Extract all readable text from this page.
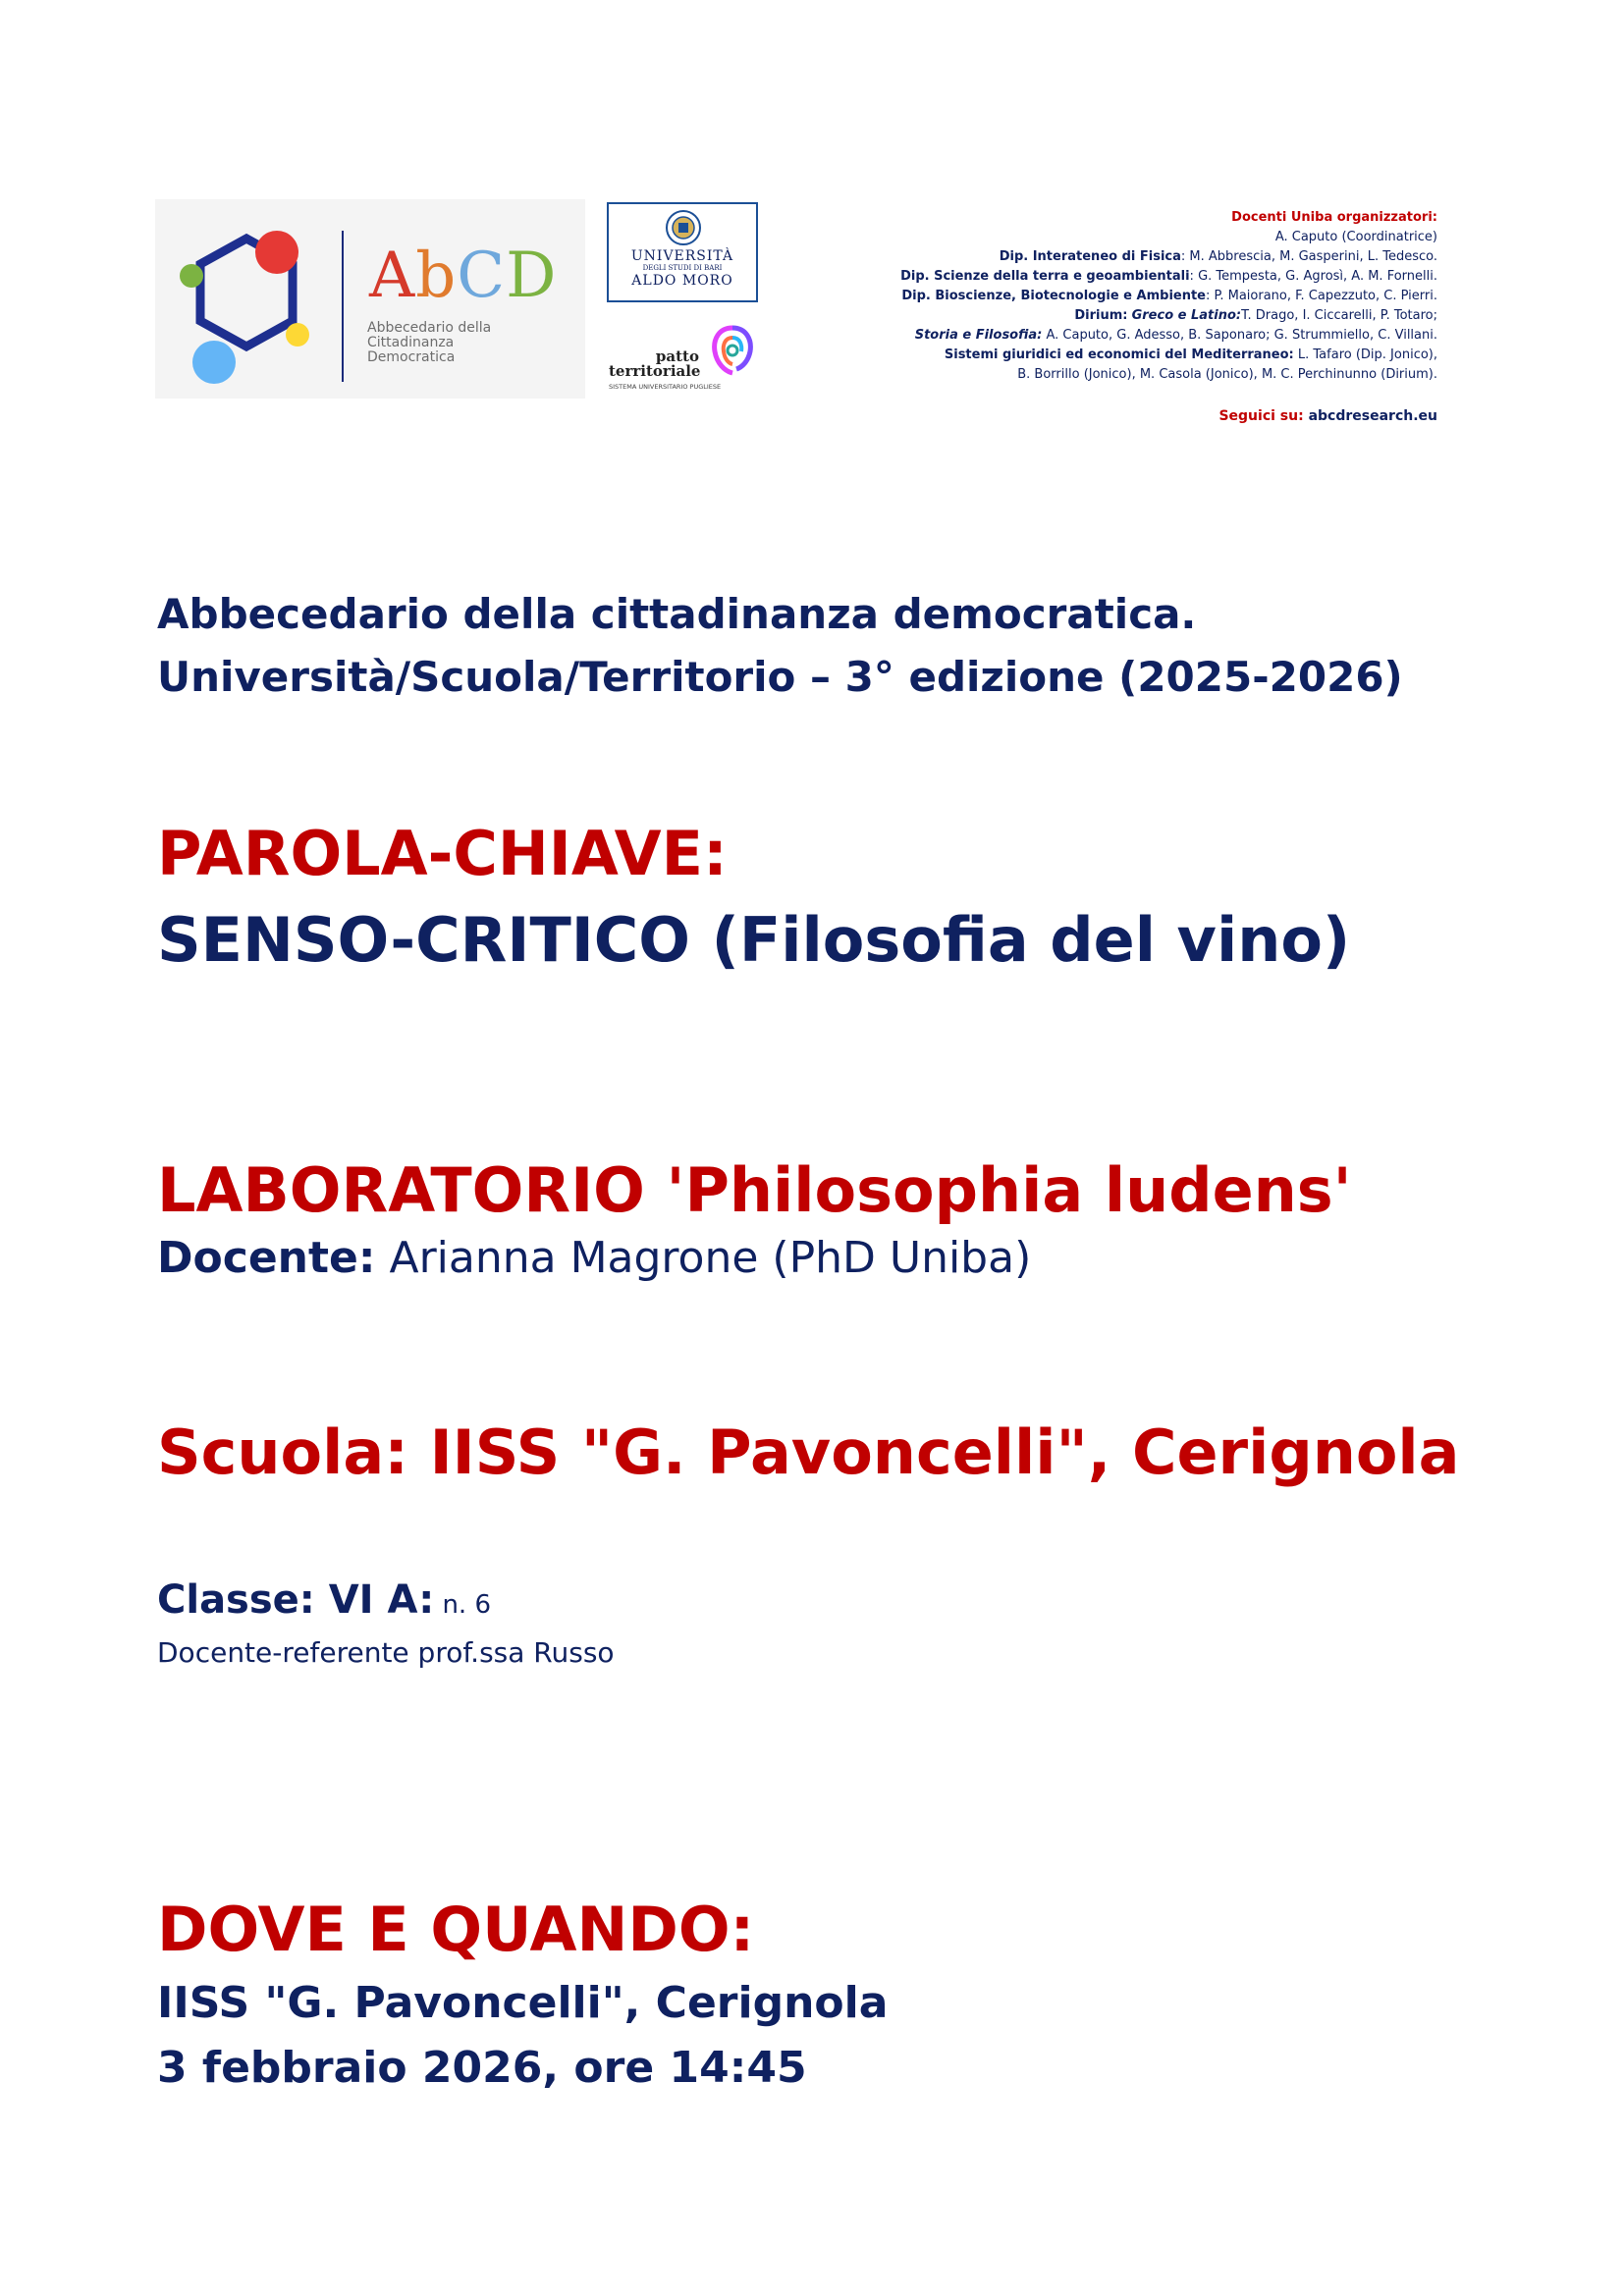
AbCD
Abbecedario della
Cittadinanza
Democratica
UNIVERSITÀ
DEGLI STUDI DI BARI
ALDO MORO
patto
territoriale
SISTEMA UNIVERSITARIO PUGLIESE
Docenti Uniba organizzatori:
A. Caputo (Coordinatrice)
Dip. Interateneo di Fisica: M. Abbrescia, M. Gasperini, L. Tedesco.
Dip. Scienze della terra e geoambientali: G. Tempesta, G. Agrosì, A. M. Fornelli.
Dip. Bioscienze, Biotecnologie e Ambiente: P. Maiorano, F. Capezzuto, C. Pierri.
Dirium: Greco e Latino:T. Drago, I. Ciccarelli, P. Totaro;
Storia e Filosofia: A. Caputo, G. Adesso, B. Saponaro; G. Strummiello, C. Villani.
Sistemi giuridici ed economici del Mediterraneo: L. Tafaro (Dip. Jonico),
B. Borrillo (Jonico), M. Casola (Jonico), M. C. Perchinunno (Dirium).
Seguici su: abcdresearch.eu
Abbecedario della cittadinanza democratica.
Università/Scuola/Territorio – 3° edizione (2025-2026)
PAROLA-CHIAVE:
SENSO-CRITICO (Filosofia del vino)
LABORATORIO 'Philosophia ludens'
Docente: Arianna Magrone (PhD Uniba)
Scuola: IISS "G. Pavoncelli", Cerignola
Classe: VI A: n. 6
Docente-referente prof.ssa Russo
DOVE E QUANDO:
IISS "G. Pavoncelli", Cerignola
3 febbraio 2026, ore 14:45
